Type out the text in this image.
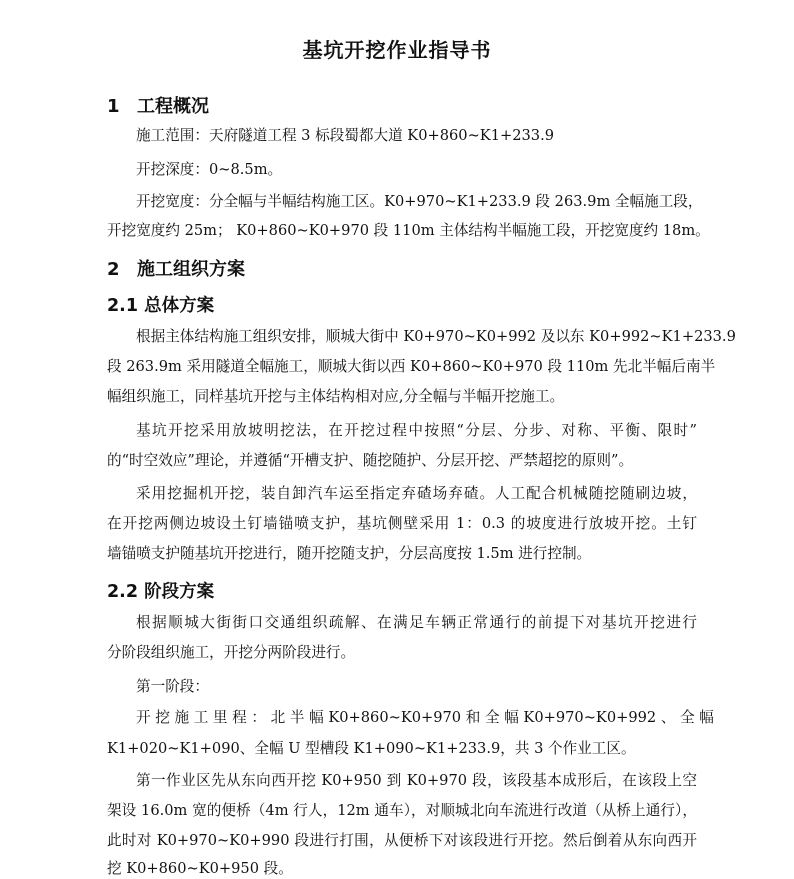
基坑开挖作业指导书
1 工程概况

施工范围：天府隧道工程 3 标段蜀都大道 K0+860~K1+233.9

开挖深度：0~8.5m。

开挖宽度：分全幅与半幅结构施工区。K0+970~K1+233.9 段 263.9m 全幅施工段，

开挖宽度约 25m； K0+860~K0+970 段 110m 主体结构半幅施工段，开挖宽度约 18m。

2 施工组织方案
2.1 总体方案

根据主体结构施工组织安排，顺城大街中 K0+970~K0+992 及以东 K0+992~K1+233.9

段 263.9m 采用隧道全幅施工，顺城大街以西 K0+860~K0+970 段 110m 先北半幅后南半

幅组织施工，同样基坑开挖与主体结构相对应,分全幅与半幅开挖施工。

基坑开挖采用放坡明挖法，在开挖过程中按照“分层、分步、对称、平衡、限时”

的“时空效应”理论，并遵循“开槽支护、随挖随护、分层开挖、严禁超挖的原则”。

采用挖掘机开挖，装自卸汽车运至指定弃碴场弃碴。人工配合机械随挖随刷边坡，

在开挖两侧边坡设土钉墙锚喷支护，基坑侧壁采用 1：0.3 的坡度进行放坡开挖。土钉

墙锚喷支护随基坑开挖进行，随开挖随支护，分层高度按 1.5m 进行控制。

2.2 阶段方案

根据顺城大街街口交通组织疏解、在满足车辆正常通行的前提下对基坑开挖进行

分阶段组织施工，开挖分两阶段进行。

第一阶段：

开 挖 施 工 里 程 ： 北 半 幅 K0+860~K0+970 和 全 幅 K0+970~K0+992 、 全 幅

K1+020~K1+090、全幅 U 型槽段 K1+090~K1+233.9，共 3 个作业工区。

第一作业区先从东向西开挖 K0+950 到 K0+970 段，该段基本成形后，在该段上空

架设 16.0m 宽的便桥（4m 行人，12m 通车），对顺城北向车流进行改道（从桥上通行），

此时对 K0+970~K0+990 段进行打围，从便桥下对该段进行开挖。然后倒着从东向西开

挖 K0+860~K0+950 段。
